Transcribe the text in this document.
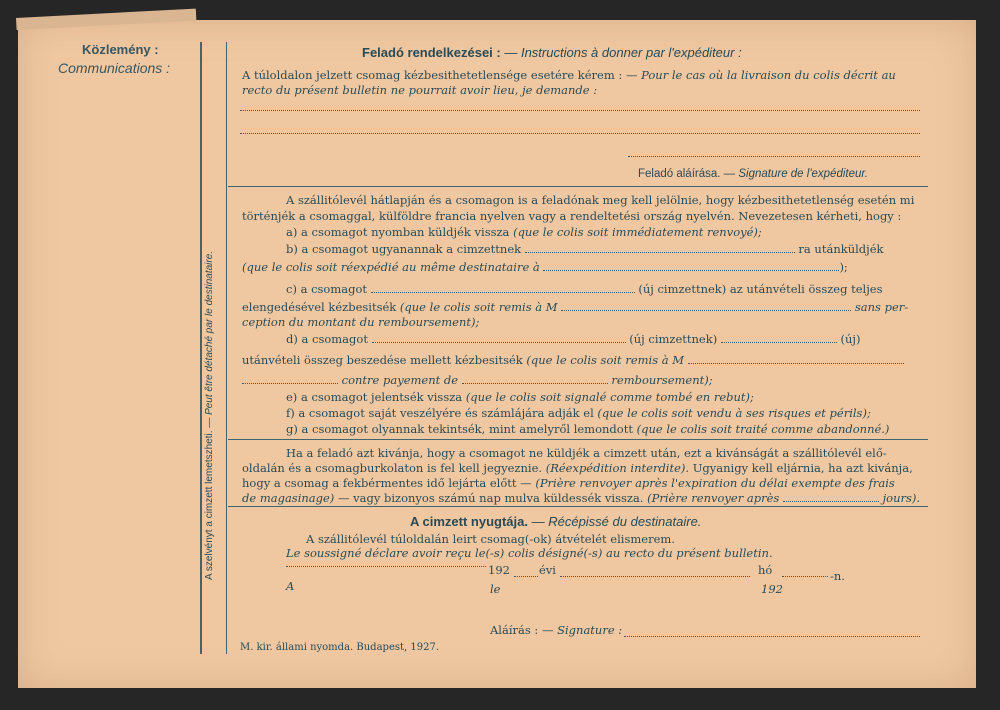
Közlemény :
Communications :
A szelvényt a cimzett lemetszheti. — Peut être détaché par le destinataire.
Feladó rendelkezései : — Instructions à donner par l'expéditeur :
A túloldalon jelzett csomag kézbesithetetlensége esetére kérem : — Pour le cas où la livraison du colis décrit au
recto du présent bulletin ne pourrait avoir lieu, je demande :
Feladó aláírása. — Signature de l'expéditeur.
A szállitólevél hátlapján és a csomagon is a feladónak meg kell jelölnie, hogy kézbesithetetlenség esetén mi
történjék a csomaggal, külföldre francia nyelven vagy a rendeltetési ország nyelvén. Nevezetesen kérheti, hogy :
a) a csomagot nyomban küldjék vissza (que le colis soit immédiatement renvoyé);
b) a csomagot ugyanannak a cimzettnek	ra utánküldjék
(que le colis soit réexpédié au même destinataire à	);
c) a csomagot	(új cimzettnek) az utánvételi összeg teljes
elengedésével kézbesitsék (que le colis soit remis à M	sans per-
ception du montant du remboursement);
d) a csomagot	(új cimzettnek)	(új)
utánvételi összeg beszedése mellett kézbesitsék (que le colis soit remis à M
contre payement de	remboursement);
e) a csomagot jelentsék vissza (que le colis soit signalé comme tombé en rebut);
f) a csomagot saját veszélyére és számlájára adják el (que le colis soit vendu à ses risques et périls);
g) a csomagot olyannak tekintsék, mint amelyről lemondott (que le colis soit traité comme abandonné.)
Ha a feladó azt kivánja, hogy a csomagot ne küldjék a cimzett után, ezt a kivánságát a szállitólevél elő-
oldalán és a csomagburkolaton is fel kell jegyeznie. (Réexpédition interdite). Ugyanigy kell eljárnia, ha azt kivánja,
hogy a csomag a fekbérmentes idő lejárta előtt — (Prière renvoyer après l'expiration du délai exempte des frais
de magasinage) — vagy bizonyos számú nap mulva küldessék vissza. (Prière renvoyer après	jours).
A cimzett nyugtája. — Récépissé du destinataire.
A szállitólevél túloldalán leirt csomag(-ok) átvételét elismerem.
Le soussigné déclare avoir reçu le(-s) colis désigné(-s) au recto du présent bulletin.
192	évi	hó	-n.
A	le	192
Aláírás : — Signature :
M. kir. állami nyomda. Budapest, 1927.
